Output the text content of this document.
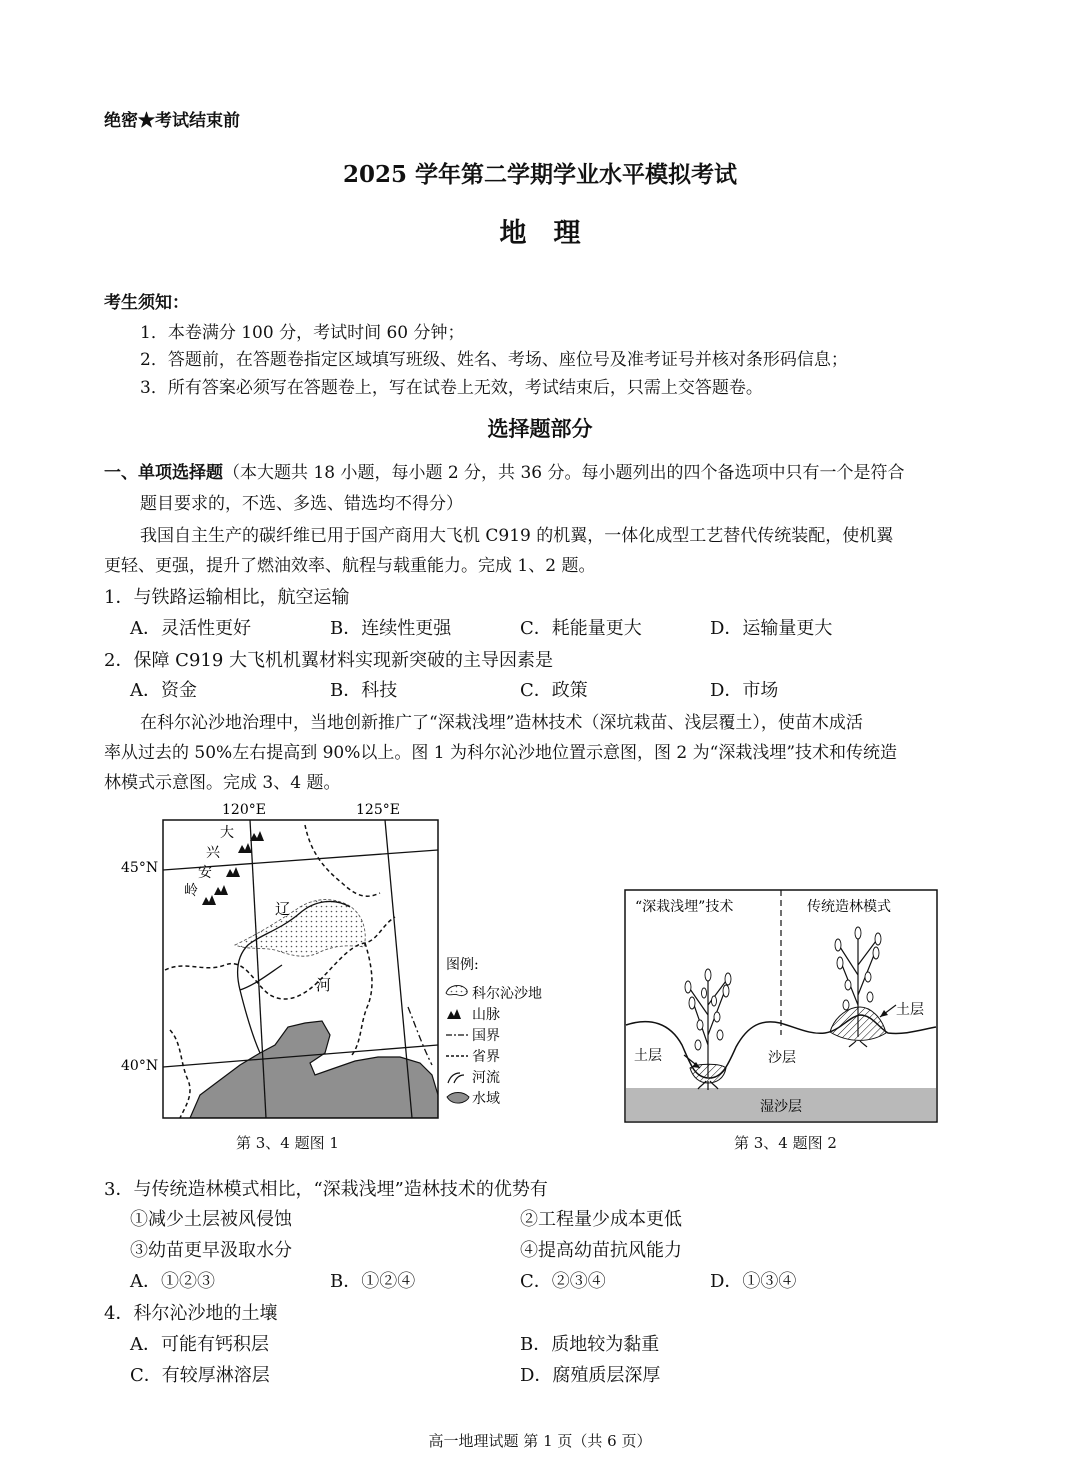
绝密★考试结束前
2025 学年第二学期学业水平模拟考试
地　理
考生须知：
1．本卷满分 100 分，考试时间 60 分钟；
2．答题前，在答题卷指定区域填写班级、姓名、考场、座位号及准考证号并核对条形码信息；
3．所有答案必须写在答题卷上，写在试卷上无效，考试结束后，只需上交答题卷。
选择题部分
一、单项选择题（本大题共 18 小题，每小题 2 分，共 36 分。每小题列出的四个备选项中只有一个是符合
题目要求的，不选、多选、错选均不得分）
我国自主生产的碳纤维已用于国产商用大飞机 C919 的机翼，一体化成型工艺替代传统装配，使机翼
更轻、更强，提升了燃油效率、航程与载重能力。完成 1、2 题。
1．与铁路运输相比，航空运输
A．灵活性更好	B．连续性更强	C．耗能量更大	D．运输量更大
2．保障 C919 大飞机机翼材料实现新突破的主导因素是
A．资金	B．科技	C．政策	D．市场
在科尔沁沙地治理中，当地创新推广了“深栽浅埋”造林技术（深坑栽苗、浅层覆土），使苗木成活
率从过去的 50%左右提高到 90%以上。图 1 为科尔沁沙地位置示意图，图 2 为“深栽浅埋”技术和传统造
林模式示意图。完成 3、4 题。
120°E	125°E
45°N
40°N
大
兴
安
岭
辽
河
图例:
科尔沁沙地
山脉
国界
省界
河流
水域
第 3、4 题图 1
“深栽浅埋”技术	传统造林模式
湿沙层
土层
土层	沙层
第 3、4 题图 2
3．与传统造林模式相比，“深栽浅埋”造林技术的优势有
①减少土层被风侵蚀	②工程量少成本更低
③幼苗更早汲取水分	④提高幼苗抗风能力
A．①②③	B．①②④	C．②③④	D．①③④
4．科尔沁沙地的土壤
A．可能有钙积层	B．质地较为黏重
C．有较厚淋溶层	D．腐殖质层深厚
高一地理试题 第 1 页（共 6 页）
